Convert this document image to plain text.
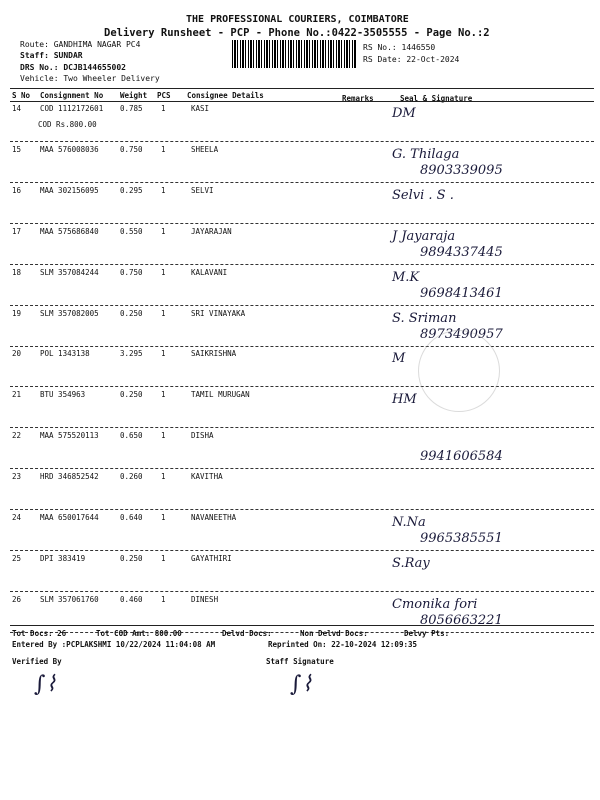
THE PROFESSIONAL COURIERS, COIMBATORE
Delivery Runsheet - PCP - Phone No.:0422-3505555 - Page No.:2
Route: GANDHIMA NAGAR PC4
Staff: SUNDAR
DRS No.: DCJB144655002
Vehicle: Two Wheeler Delivery
RS No.: 1446550
RS Date: 22-Oct-2024
S No Consignment No Weight PCS Consignee Details	Remarks	Seal & Signature
14	COD 1112172601 0.785 1	KASI
COD Rs.800.00
DM
15	MAA 576008036	0.750 1	SHEELA	G. Thilaga
8903339095
16	MAA 302156095	0.295 1	SELVI	Selvi . S .
17	MAA 575686840	0.550 1	JAYARAJAN	J Jayaraja
9894337445
18	SLM 357084244	0.750 1	KALAVANI	M.K
9698413461
19	SLM 357082005	0.250 1	SRI VINAYAKA	S. Sriman
8973490957
20	POL 1343138	3.295 1	SAIKRISHNA	M
21	BTU 354963	0.250 1	TAMIL MURUGAN	HM
22	MAA 575520113	0.650 1	DISHA
9941606584
23	HRD 346852542	0.260 1	KAVITHA
24	MAA 650017644	0.640 1	NAVANEETHA	N.Na
9965385551
25	DPI 383419	0.250 1	GAYATHIRI	S.Ray
26	SLM 357061760	0.460 1	DINESH	Cmonika fori
8056663221
Tot Docs: 26	Tot COD Amt: 800.00	Delvd Docs:	Non Delvd Docs:	Delvy Pts:
Entered By :PCPLAKSHMI 10/22/2024 11:04:08 AM	Reprinted On: 22-10-2024 12:09:35
Verified By	Staff Signature
∫⌇	∫⌇
